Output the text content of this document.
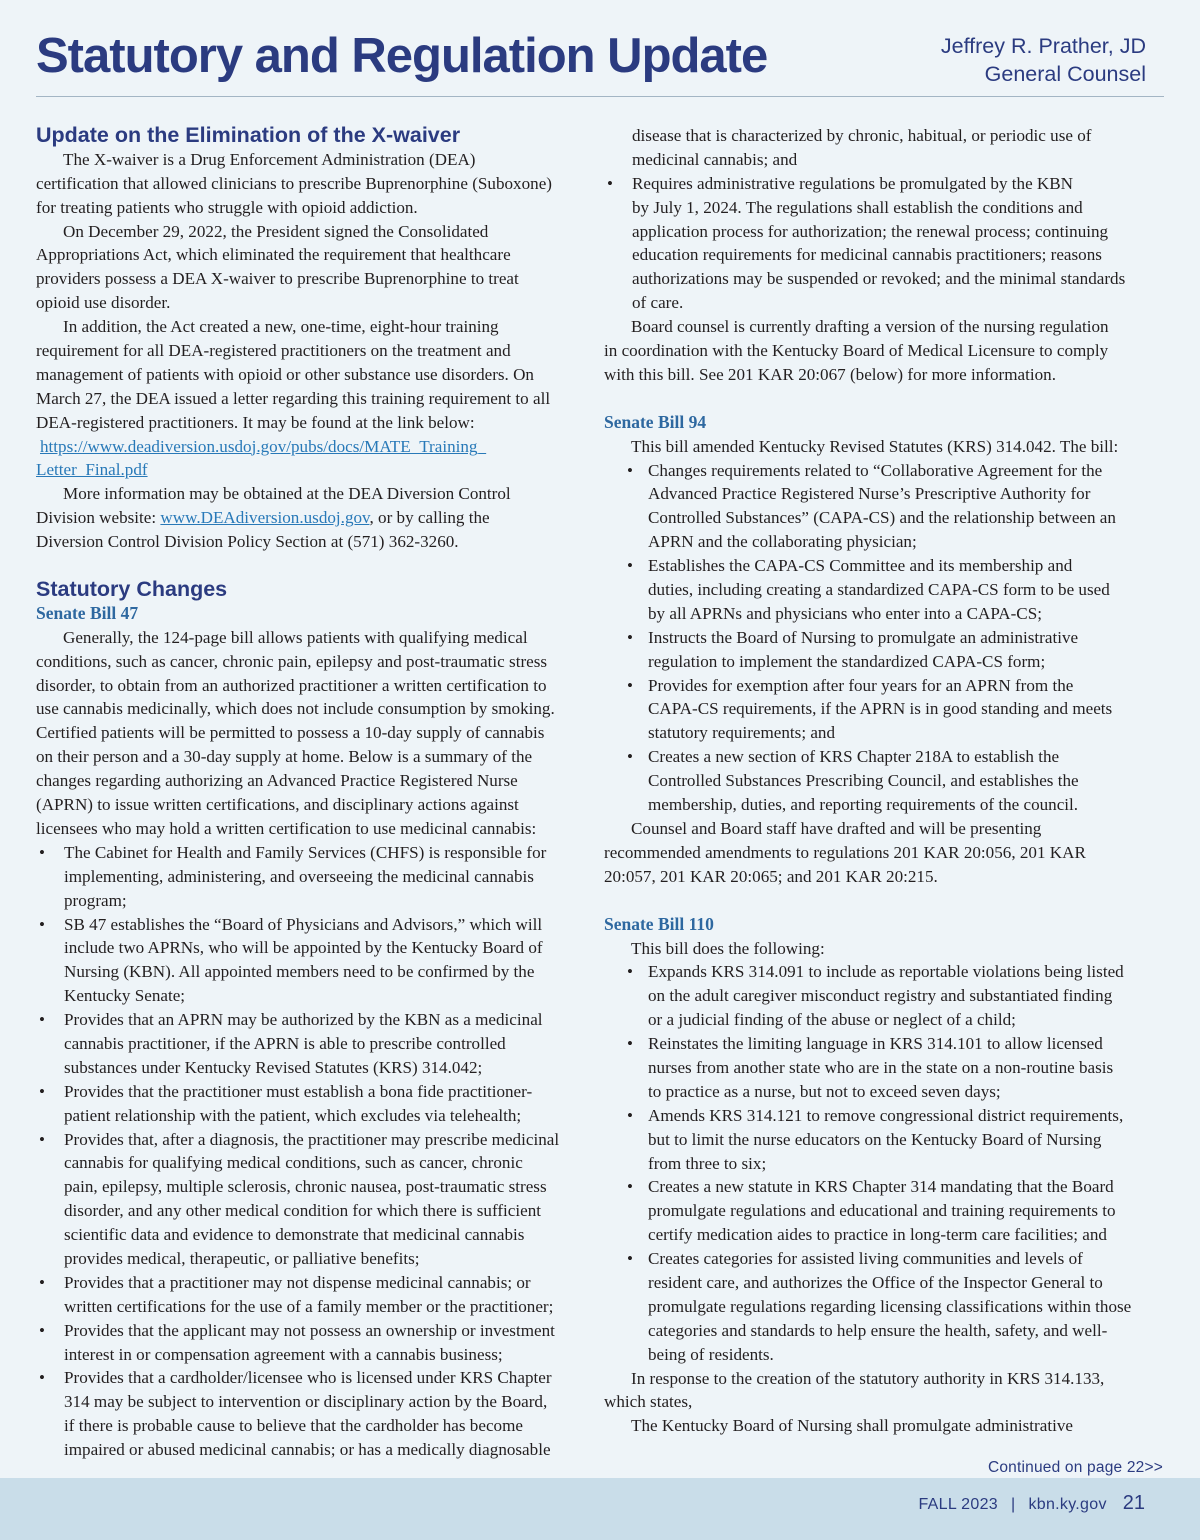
Statutory and Regulation Update	Jeffrey R. Prather, JD
General Counsel
Update on the Elimination of the X-waiver
The X-waiver is a Drug Enforcement Administration (DEA)
certification that allowed clinicians to prescribe Buprenorphine (Suboxone)
for treating patients who struggle with opioid addiction.
On December 29, 2022, the President signed the Consolidated
Appropriations Act, which eliminated the requirement that healthcare
providers possess a DEA X-waiver to prescribe Buprenorphine to treat
opioid use disorder.
In addition, the Act created a new, one-time, eight-hour training
requirement for all DEA-registered practitioners on the treatment and
management of patients with opioid or other substance use disorders. On
March 27, the DEA issued a letter regarding this training requirement to all
DEA-registered practitioners. It may be found at the link below:
https://www.deadiversion.usdoj.gov/pubs/docs/MATE_Training_
Letter_Final.pdf
More information may be obtained at the DEA Diversion Control
Division website: www.DEAdiversion.usdoj.gov, or by calling the
Diversion Control Division Policy Section at (571) 362-3260.
Statutory Changes
Senate Bill 47
Generally, the 124-page bill allows patients with qualifying medical
conditions, such as cancer, chronic pain, epilepsy and post-traumatic stress
disorder, to obtain from an authorized practitioner a written certification to
use cannabis medicinally, which does not include consumption by smoking.
Certified patients will be permitted to possess a 10-day supply of cannabis
on their person and a 30-day supply at home. Below is a summary of the
changes regarding authorizing an Advanced Practice Registered Nurse
(APRN) to issue written certifications, and disciplinary actions against
licensees who may hold a written certification to use medicinal cannabis:
• The Cabinet for Health and Family Services (CHFS) is responsible for
implementing, administering, and overseeing the medicinal cannabis
program;
• SB 47 establishes the “Board of Physicians and Advisors,” which will
include two APRNs, who will be appointed by the Kentucky Board of
Nursing (KBN). All appointed members need to be confirmed by the
Kentucky Senate;
• Provides that an APRN may be authorized by the KBN as a medicinal
cannabis practitioner, if the APRN is able to prescribe controlled
substances under Kentucky Revised Statutes (KRS) 314.042;
• Provides that the practitioner must establish a bona fide practitioner-
patient relationship with the patient, which excludes via telehealth;
• Provides that, after a diagnosis, the practitioner may prescribe medicinal
cannabis for qualifying medical conditions, such as cancer, chronic
pain, epilepsy, multiple sclerosis, chronic nausea, post-traumatic stress
disorder, and any other medical condition for which there is sufficient
scientific data and evidence to demonstrate that medicinal cannabis
provides medical, therapeutic, or palliative benefits;
• Provides that a practitioner may not dispense medicinal cannabis; or
written certifications for the use of a family member or the practitioner;
• Provides that the applicant may not possess an ownership or investment
interest in or compensation agreement with a cannabis business;
• Provides that a cardholder/licensee who is licensed under KRS Chapter
314 may be subject to intervention or disciplinary action by the Board,
if there is probable cause to believe that the cardholder has become
impaired or abused medicinal cannabis; or has a medically diagnosable
disease that is characterized by chronic, habitual, or periodic use of
medicinal cannabis; and
• Requires administrative regulations be promulgated by the KBN
by July 1, 2024. The regulations shall establish the conditions and
application process for authorization; the renewal process; continuing
education requirements for medicinal cannabis practitioners; reasons
authorizations may be suspended or revoked; and the minimal standards
of care.
Board counsel is currently drafting a version of the nursing regulation
in coordination with the Kentucky Board of Medical Licensure to comply
with this bill. See 201 KAR 20:067 (below) for more information.
Senate Bill 94
This bill amended Kentucky Revised Statutes (KRS) 314.042. The bill:
• Changes requirements related to “Collaborative Agreement for the
Advanced Practice Registered Nurse’s Prescriptive Authority for
Controlled Substances” (CAPA-CS) and the relationship between an
APRN and the collaborating physician;
• Establishes the CAPA-CS Committee and its membership and
duties, including creating a standardized CAPA-CS form to be used
by all APRNs and physicians who enter into a CAPA-CS;
• Instructs the Board of Nursing to promulgate an administrative
regulation to implement the standardized CAPA-CS form;
• Provides for exemption after four years for an APRN from the
CAPA-CS requirements, if the APRN is in good standing and meets
statutory requirements; and
• Creates a new section of KRS Chapter 218A to establish the
Controlled Substances Prescribing Council, and establishes the
membership, duties, and reporting requirements of the council.
Counsel and Board staff have drafted and will be presenting
recommended amendments to regulations 201 KAR 20:056, 201 KAR
20:057, 201 KAR 20:065; and 201 KAR 20:215.
Senate Bill 110
This bill does the following:
• Expands KRS 314.091 to include as reportable violations being listed
on the adult caregiver misconduct registry and substantiated finding
or a judicial finding of the abuse or neglect of a child;
• Reinstates the limiting language in KRS 314.101 to allow licensed
nurses from another state who are in the state on a non-routine basis
to practice as a nurse, but not to exceed seven days;
• Amends KRS 314.121 to remove congressional district requirements,
but to limit the nurse educators on the Kentucky Board of Nursing
from three to six;
• Creates a new statute in KRS Chapter 314 mandating that the Board
promulgate regulations and educational and training requirements to
certify medication aides to practice in long-term care facilities; and
• Creates categories for assisted living communities and levels of
resident care, and authorizes the Office of the Inspector General to
promulgate regulations regarding licensing classifications within those
categories and standards to help ensure the health, safety, and well-
being of residents.
In response to the creation of the statutory authority in KRS 314.133,
which states,
The Kentucky Board of Nursing shall promulgate administrative
Continued on page 22>>
FALL 2023 | kbn.ky.gov 21
